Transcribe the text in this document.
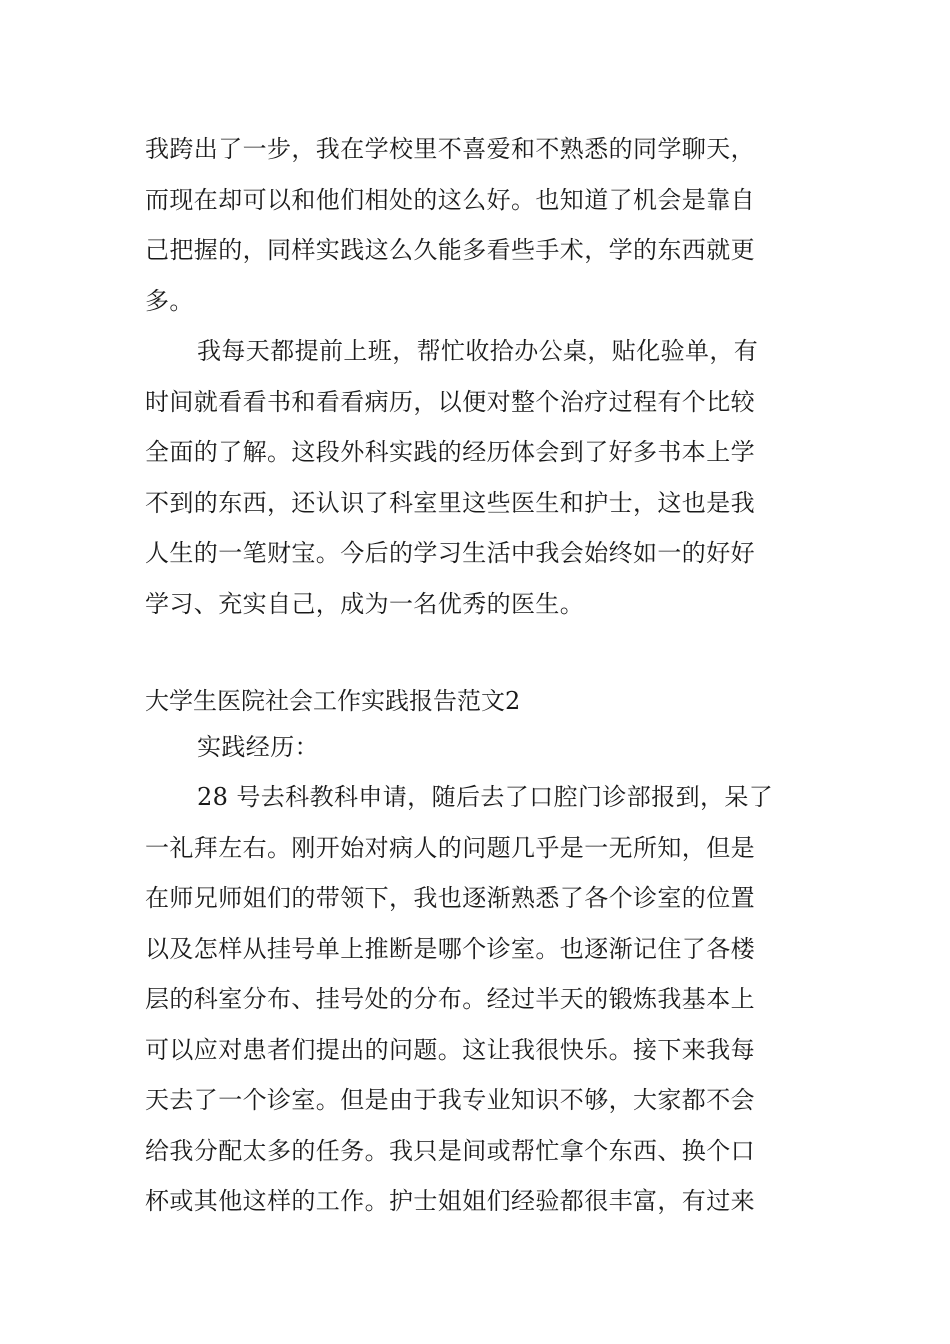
我跨出了一步，我在学校里不喜爱和不熟悉的同学聊天，
而现在却可以和他们相处的这么好。也知道了机会是靠自
己把握的，同样实践这么久能多看些手术，学的东西就更
多。
我每天都提前上班，帮忙收拾办公桌，贴化验单，有
时间就看看书和看看病历，以便对整个治疗过程有个比较
全面的了解。这段外科实践的经历体会到了好多书本上学
不到的东西，还认识了科室里这些医生和护士，这也是我
人生的一笔财宝。今后的学习生活中我会始终如一的好好
学习、充实自己，成为一名优秀的医生。
大学生医院社会工作实践报告范文2
实践经历：
28 号去科教科申请，随后去了口腔门诊部报到，呆了
一礼拜左右。刚开始对病人的问题几乎是一无所知，但是
在师兄师姐们的带领下，我也逐渐熟悉了各个诊室的位置
以及怎样从挂号单上推断是哪个诊室。也逐渐记住了各楼
层的科室分布、挂号处的分布。经过半天的锻炼我基本上
可以应对患者们提出的问题。这让我很快乐。接下来我每
天去了一个诊室。但是由于我专业知识不够，大家都不会
给我分配太多的任务。我只是间或帮忙拿个东西、换个口
杯或其他这样的工作。护士姐姐们经验都很丰富，有过来
